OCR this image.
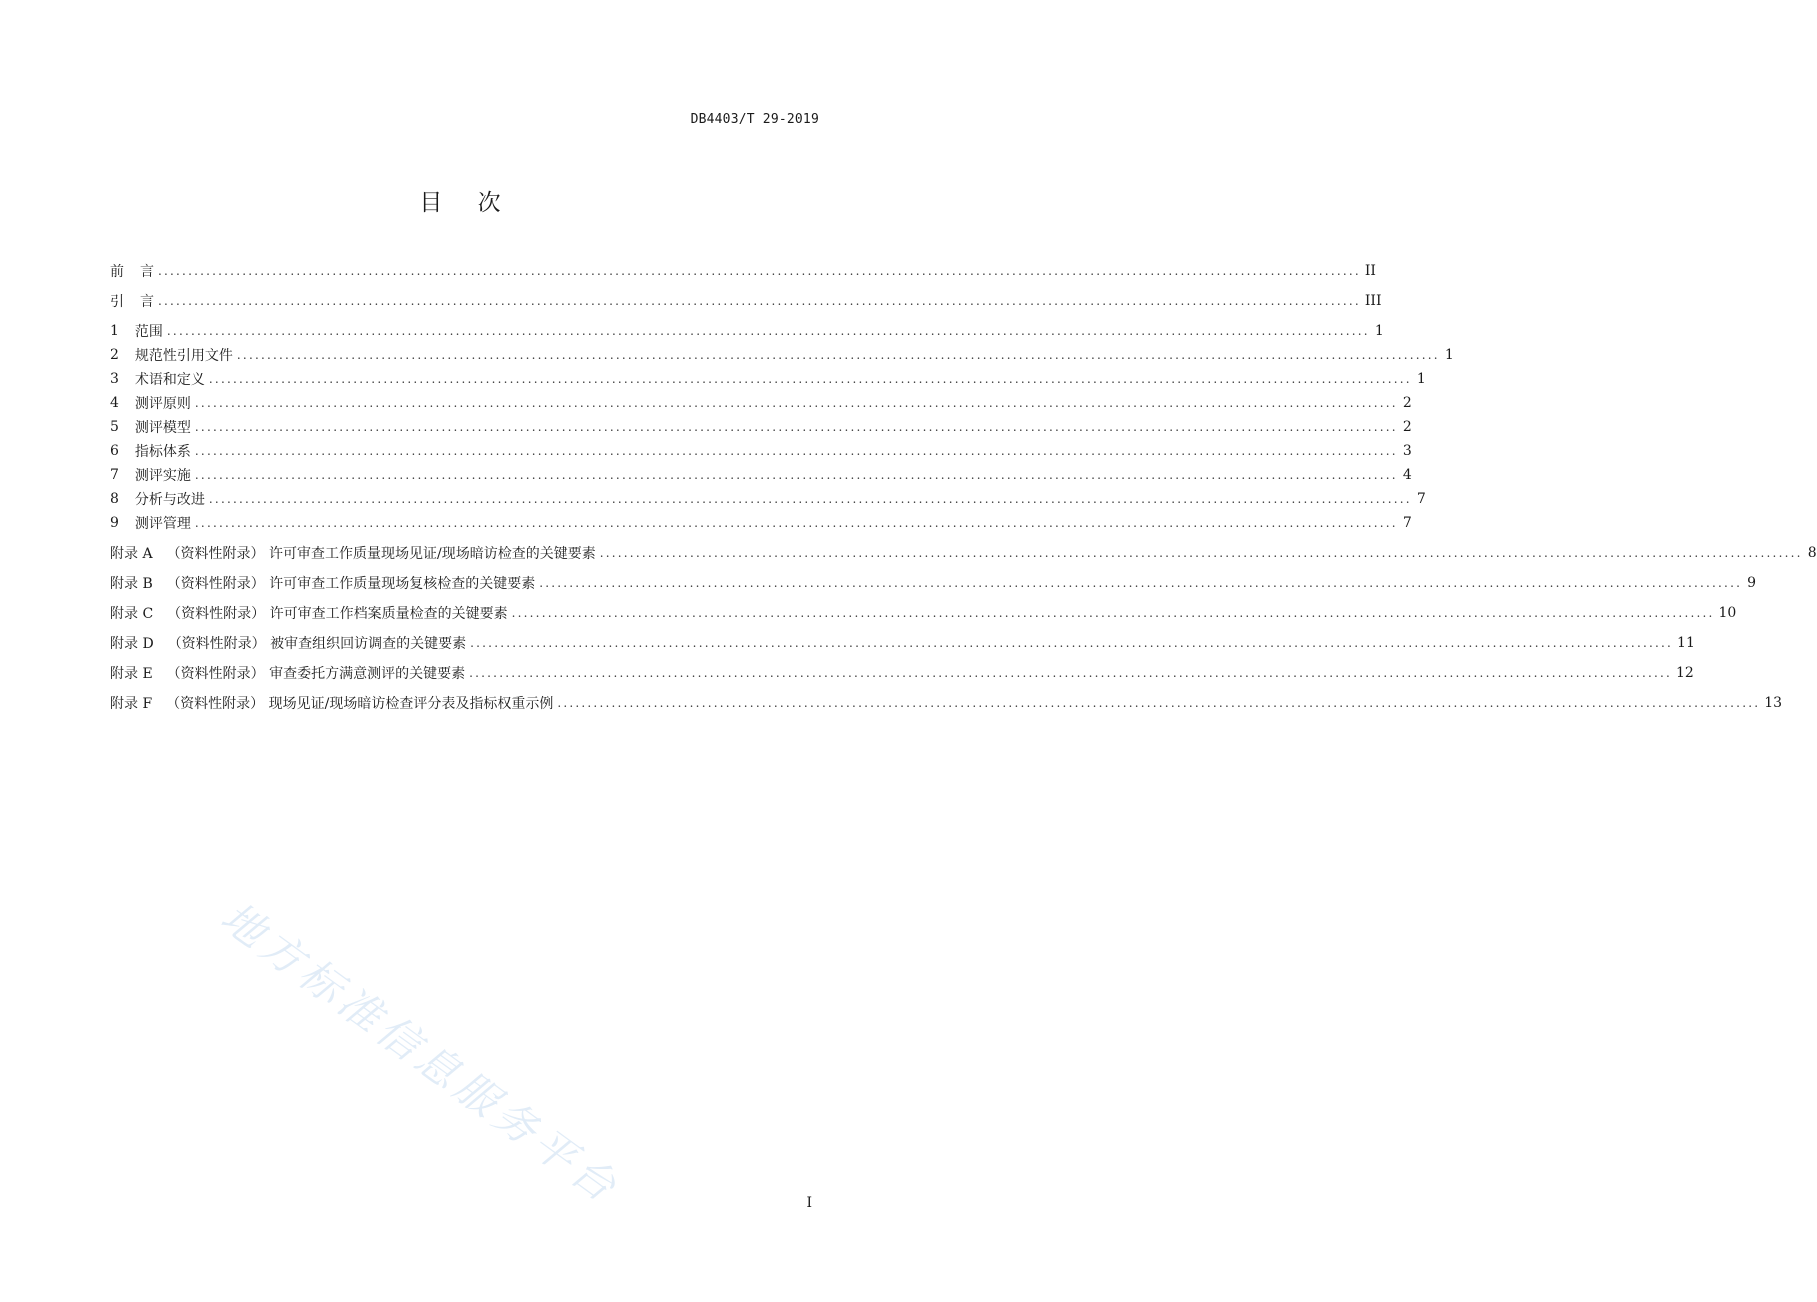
DB4403/T 29-2019
目 次
前 言 ........................................................................................................................................................................................................ II
引 言 ........................................................................................................................................................................................................ III
1 范围 ........................................................................................................................................................................................................ 1
2 规范性引用文件 ........................................................................................................................................................................................................ 1
3 术语和定义 ........................................................................................................................................................................................................ 1
4 测评原则 ........................................................................................................................................................................................................ 2
5 测评模型 ........................................................................................................................................................................................................ 2
6 指标体系 ........................................................................................................................................................................................................ 3
7 测评实施 ........................................................................................................................................................................................................ 4
8 分析与改进 ........................................................................................................................................................................................................ 7
9 测评管理 ........................................................................................................................................................................................................ 7
附录 A （资料性附录） 许可审查工作质量现场见证/现场暗访检查的关键要素 ........................................................................................................................................................................................................ 8
附录 B （资料性附录） 许可审查工作质量现场复核检查的关键要素 ........................................................................................................................................................................................................ 9
附录 C （资料性附录） 许可审查工作档案质量检查的关键要素 ........................................................................................................................................................................................................ 10
附录 D （资料性附录） 被审查组织回访调查的关键要素 ........................................................................................................................................................................................................ 11
附录 E （资料性附录） 审查委托方满意测评的关键要素 ........................................................................................................................................................................................................ 12
附录 F （资料性附录） 现场见证/现场暗访检查评分表及指标权重示例 ........................................................................................................................................................................................................ 13
地方标准信息服务平台	I
